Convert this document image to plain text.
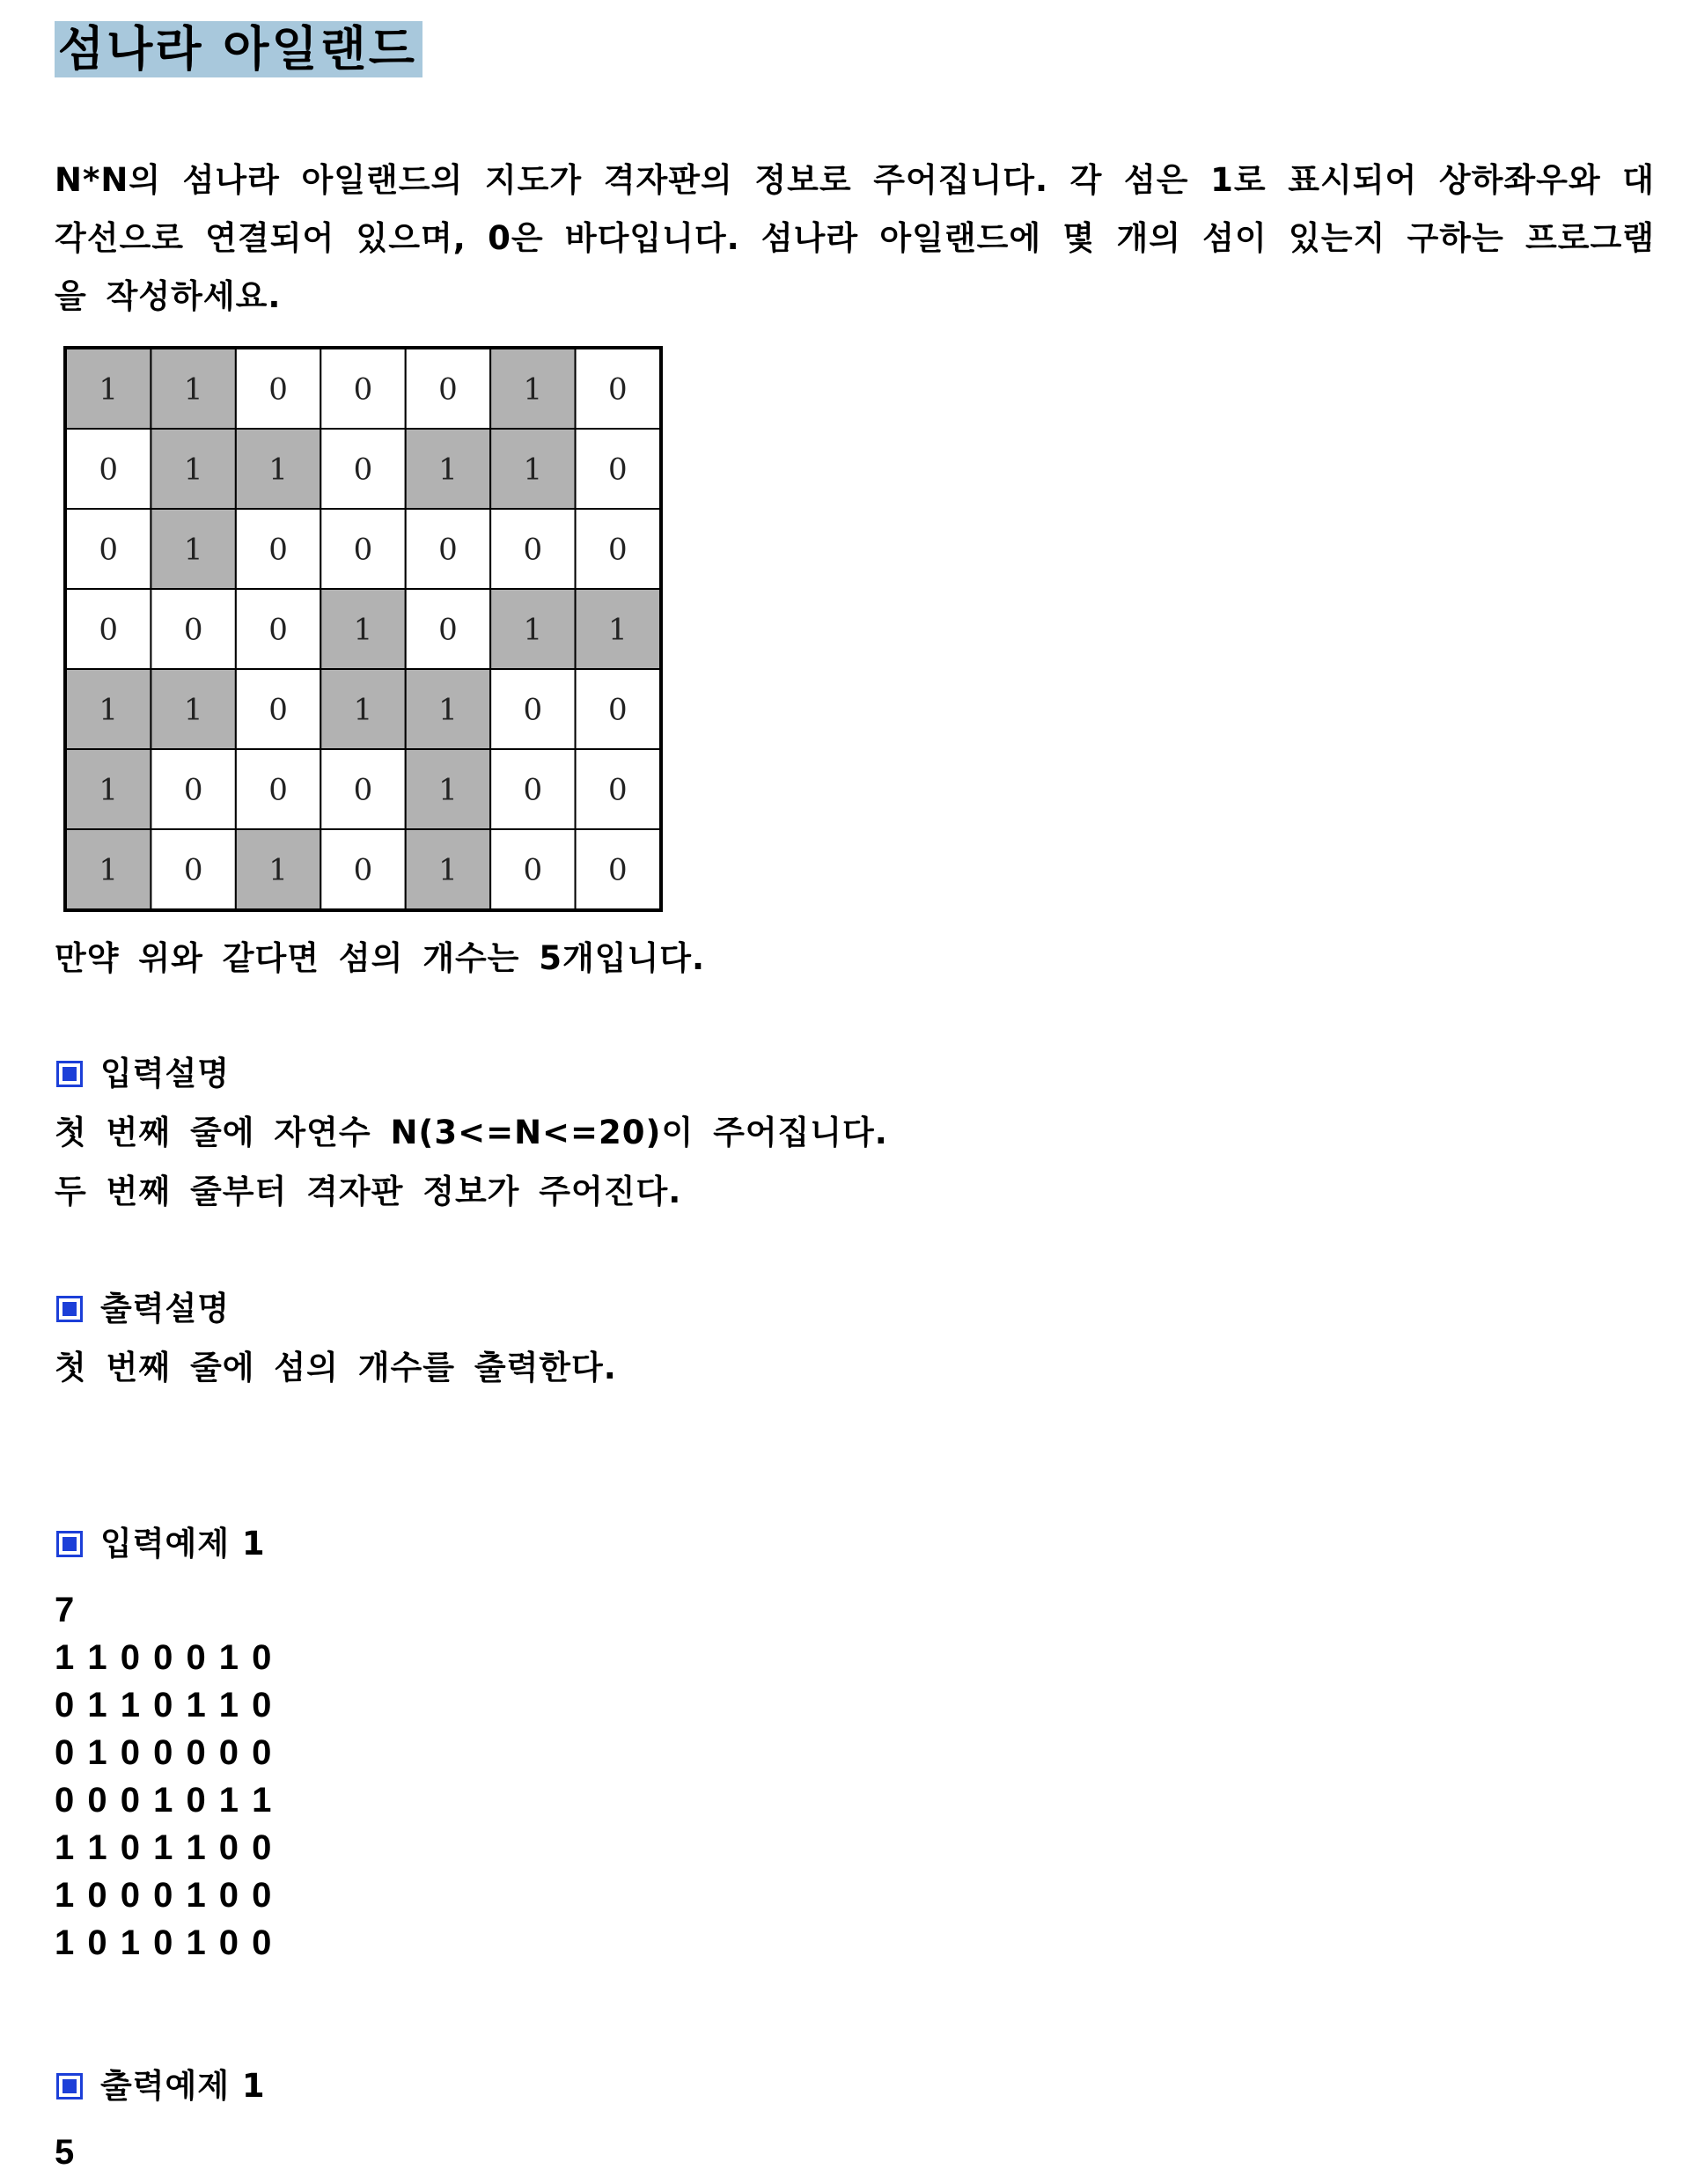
섬나라 아일랜드
N*N의 섬나라 아일랜드의 지도가 격자판의 정보로 주어집니다. 각 섬은 1로 표시되어 상하좌우와 대각선으로 연결되어 있으며, 0은 바다입니다. 섬나라 아일랜드에 몇 개의 섬이 있는지 구하는 프로그램을 작성하세요.
1 1 0 0 0 1 0
0 1 1 0 1 1 0
0 1 0 0 0 0 0
0 0 0 1 0 1 1
1 1 0 1 1 0 0
1 0 0 0 1 0 0
1 0 1 0 1 0 0
만약 위와 같다면 섬의 개수는 5개입니다.
입력설명
첫 번째 줄에 자연수 N(3<=N<=20)이 주어집니다.
두 번째 줄부터 격자판 정보가 주어진다.
출력설명
첫 번째 줄에 섬의 개수를 출력한다.
입력예제 1
7
1 1 0 0 0 1 0
0 1 1 0 1 1 0
0 1 0 0 0 0 0
0 0 0 1 0 1 1
1 1 0 1 1 0 0
1 0 0 0 1 0 0
1 0 1 0 1 0 0
출력예제 1
5
